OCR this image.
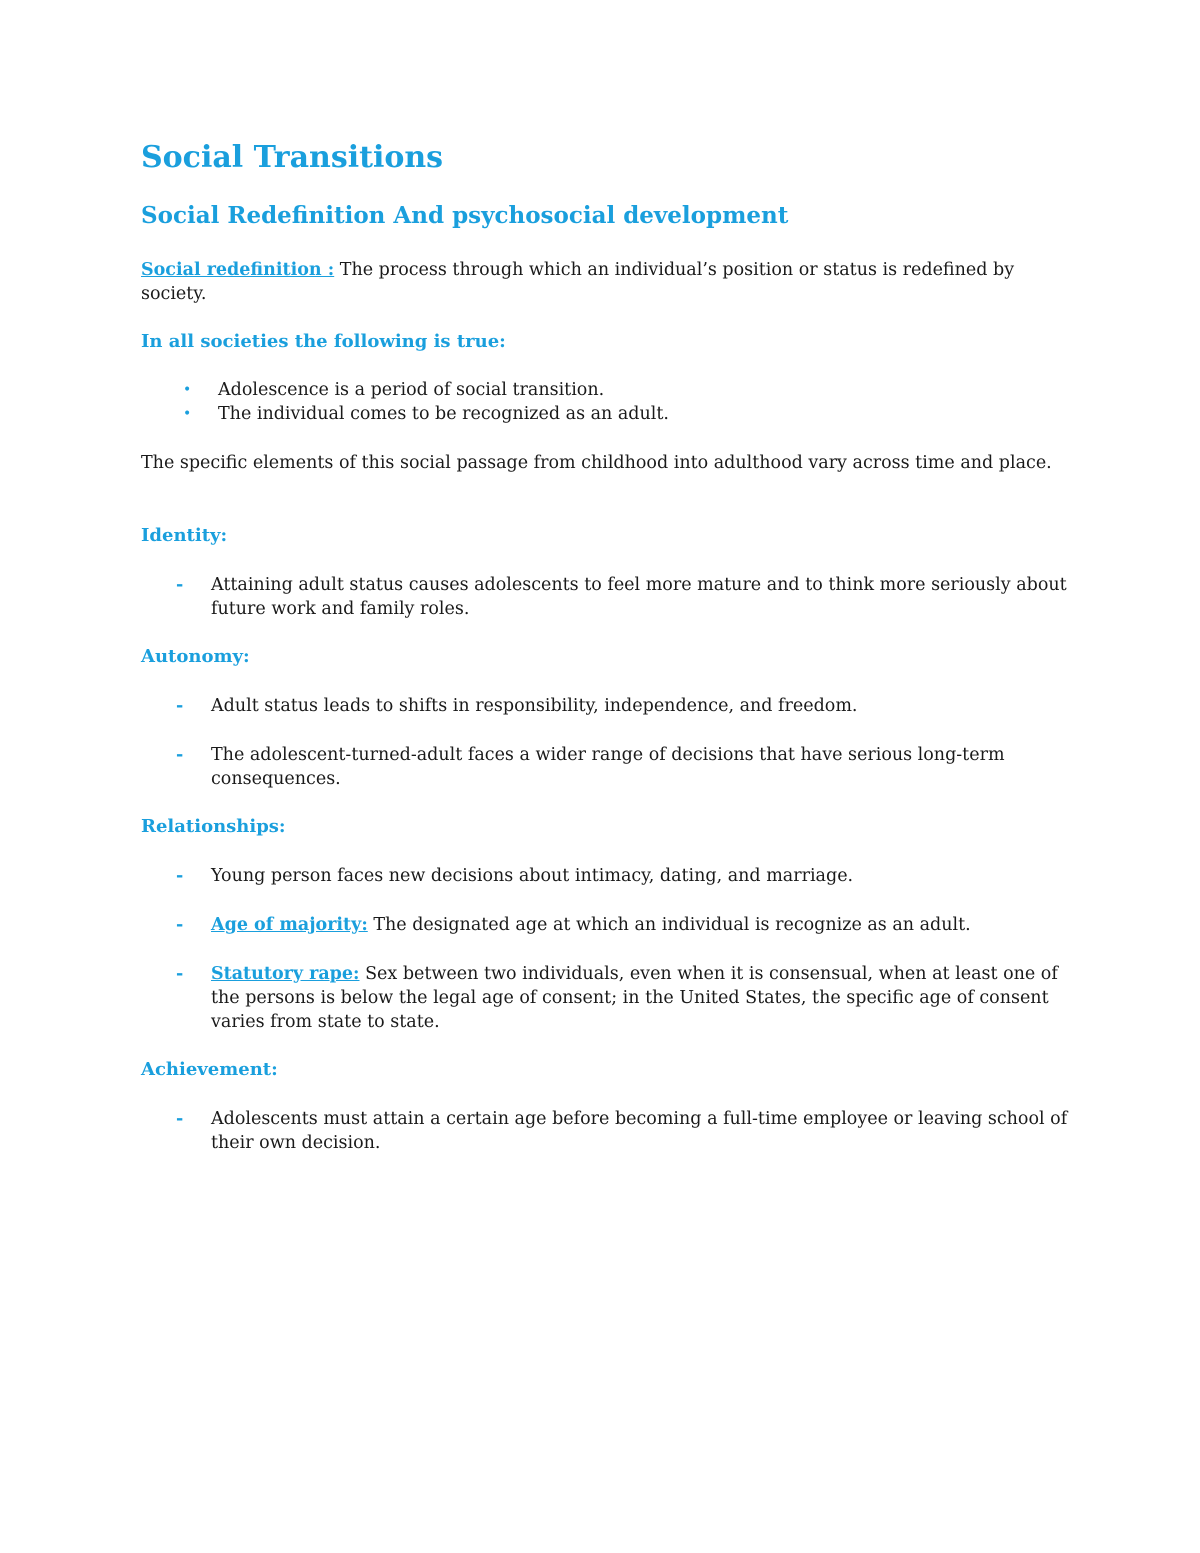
Social Transitions
Social Redefinition And psychosocial development

Social redefinition : The process through which an individual’s position or status is redefined by society.

In all societies the following is true:
• Adolescence is a period of social transition.
• The individual comes to be recognized as an adult.

The specific elements of this social passage from childhood into adulthood vary across time and place.

Identity:
- Attaining adult status causes adolescents to feel more mature and to think more seriously about future work and family roles.
Autonomy:
- Adult status leads to shifts in responsibility, independence, and freedom.
- The adolescent-turned-adult faces a wider range of decisions that have serious long-term consequences.
Relationships:
- Young person faces new decisions about intimacy, dating, and marriage.
- Age of majority: The designated age at which an individual is recognize as an adult.
- Statutory rape: Sex between two individuals, even when it is consensual, when at least one of the persons is below the legal age of consent; in the United States, the specific age of consent varies from state to state.
Achievement:
- Adolescents must attain a certain age before becoming a full-time employee or leaving school of their own decision.
